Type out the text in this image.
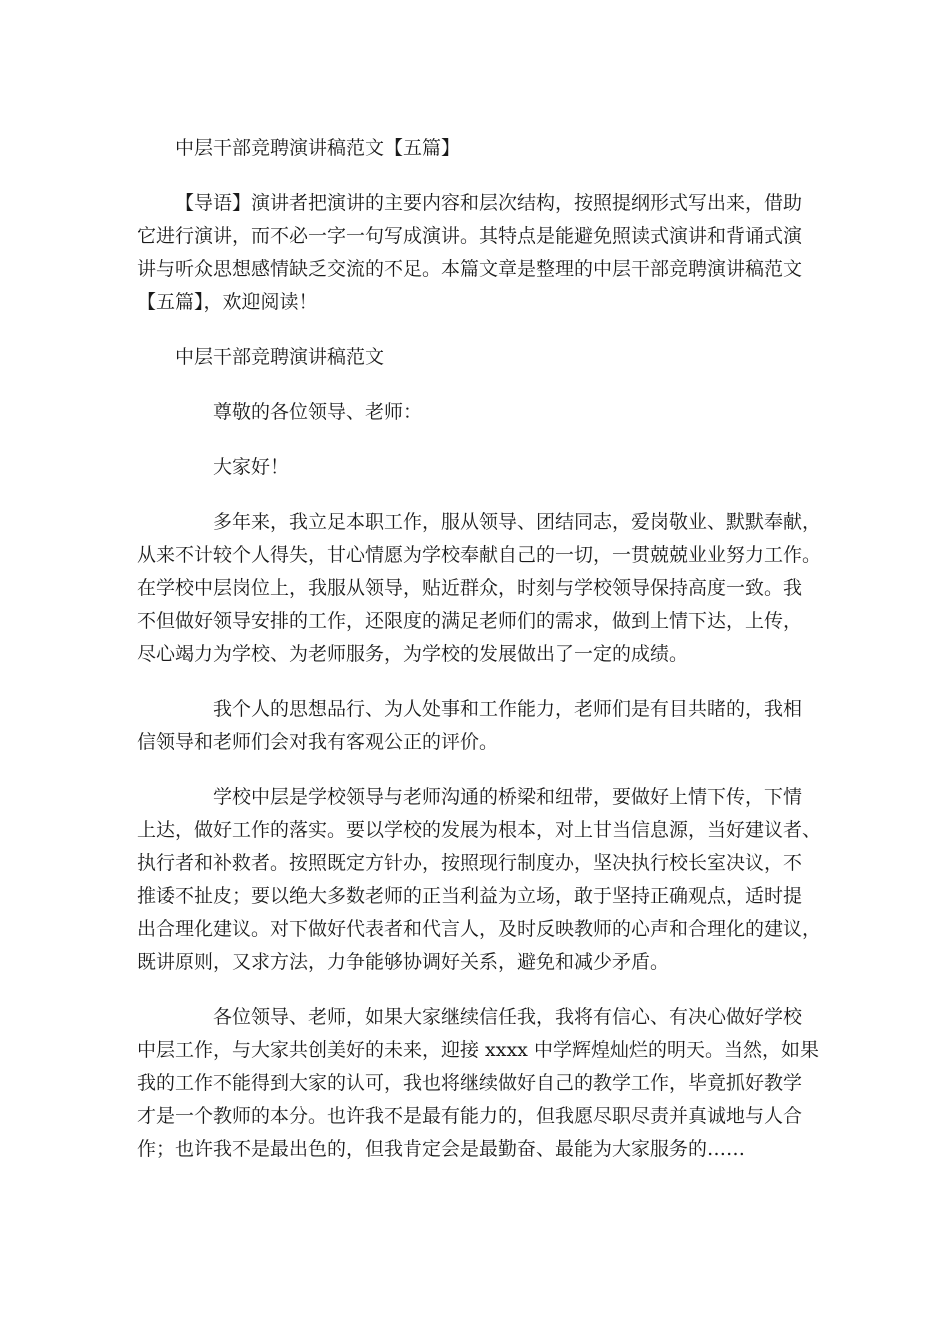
中层干部竞聘演讲稿范文【五篇】
【导语】演讲者把演讲的主要内容和层次结构，按照提纲形式写出来，借助
它进行演讲，而不必一字一句写成演讲。其特点是能避免照读式演讲和背诵式演
讲与听众思想感情缺乏交流的不足。本篇文章是整理的中层干部竞聘演讲稿范文
【五篇】，欢迎阅读！
中层干部竞聘演讲稿范文
尊敬的各位领导、老师：
大家好！
多年来，我立足本职工作，服从领导、团结同志，爱岗敬业、默默奉献，
从来不计较个人得失，甘心情愿为学校奉献自己的一切，一贯兢兢业业努力工作。
在学校中层岗位上，我服从领导，贴近群众，时刻与学校领导保持高度一致。我
不但做好领导安排的工作，还限度的满足老师们的需求，做到上情下达，上传，
尽心竭力为学校、为老师服务，为学校的发展做出了一定的成绩。
我个人的思想品行、为人处事和工作能力，老师们是有目共睹的，我相
信领导和老师们会对我有客观公正的评价。
学校中层是学校领导与老师沟通的桥梁和纽带，要做好上情下传，下情
上达，做好工作的落实。要以学校的发展为根本，对上甘当信息源，当好建议者、
执行者和补救者。按照既定方针办，按照现行制度办，坚决执行校长室决议，不
推诿不扯皮；要以绝大多数老师的正当利益为立场，敢于坚持正确观点，适时提
出合理化建议。对下做好代表者和代言人，及时反映教师的心声和合理化的建议，
既讲原则，又求方法，力争能够协调好关系，避免和减少矛盾。
各位领导、老师，如果大家继续信任我，我将有信心、有决心做好学校
中层工作，与大家共创美好的未来，迎接 xxxx 中学辉煌灿烂的明天。当然，如果
我的工作不能得到大家的认可，我也将继续做好自己的教学工作，毕竟抓好教学
才是一个教师的本分。也许我不是最有能力的，但我愿尽职尽责并真诚地与人合
作；也许我不是最出色的，但我肯定会是最勤奋、最能为大家服务的……
